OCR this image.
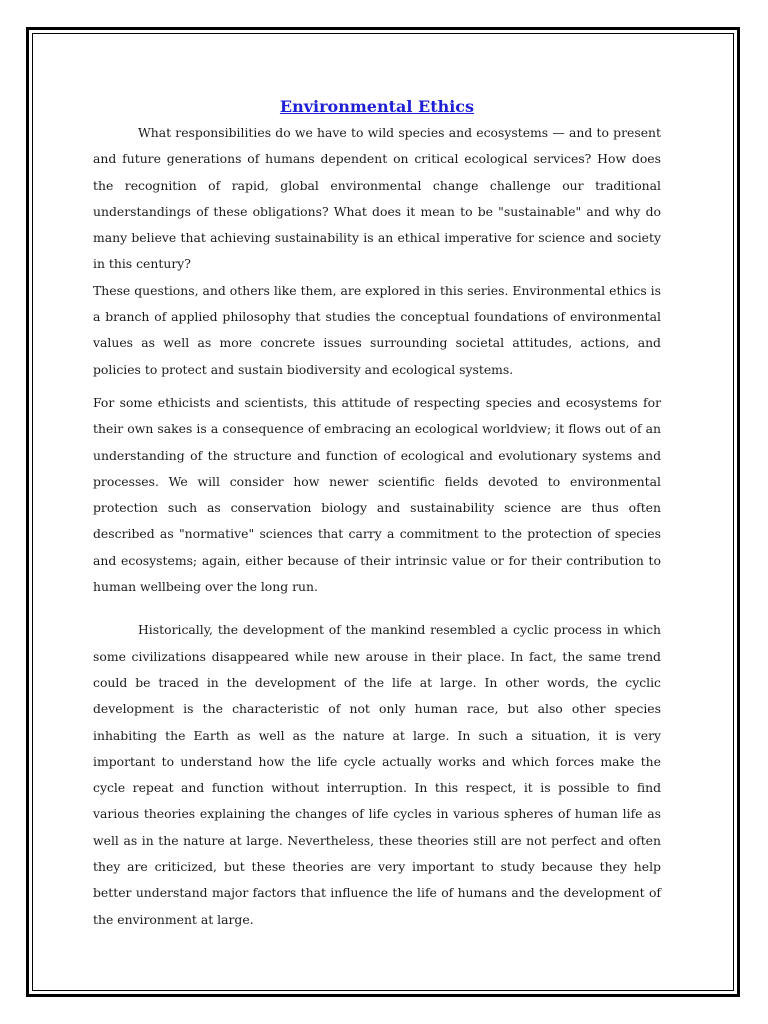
Environmental Ethics

What responsibilities do we have to wild species and ecosystems — and to present and future generations of humans dependent on critical ecological services? How does the recognition of rapid, global environmental change challenge our traditional understandings of these obligations? What does it mean to be "sustainable" and why do many believe that achieving sustainability is an ethical imperative for science and society in this century?

These questions, and others like them, are explored in this series. Environmental ethics is a branch of applied philosophy that studies the conceptual foundations of environmental values as well as more concrete issues surrounding societal attitudes, actions, and policies to protect and sustain biodiversity and ecological systems.

For some ethicists and scientists, this attitude of respecting species and ecosystems for their own sakes is a consequence of embracing an ecological worldview; it flows out of an understanding of the structure and function of ecological and evolutionary systems and processes. We will consider how newer scientific fields devoted to environmental protection such as conservation biology and sustainability science are thus often described as "normative" sciences that carry a commitment to the protection of species and ecosystems; again, either because of their intrinsic value or for their contribution to human wellbeing over the long run.

Historically, the development of the mankind resembled a cyclic process in which some civilizations disappeared while new arouse in their place. In fact, the same trend could be traced in the development of the life at large. In other words, the cyclic development is the characteristic of not only human race, but also other species inhabiting the Earth as well as the nature at large. In such a situation, it is very important to understand how the life cycle actually works and which forces make the cycle repeat and function without interruption. In this respect, it is possible to find various theories explaining the changes of life cycles in various spheres of human life as well as in the nature at large. Nevertheless, these theories still are not perfect and often they are criticized, but these theories are very important to study because they help better understand major factors that influence the life of humans and the development of the environment at large.
